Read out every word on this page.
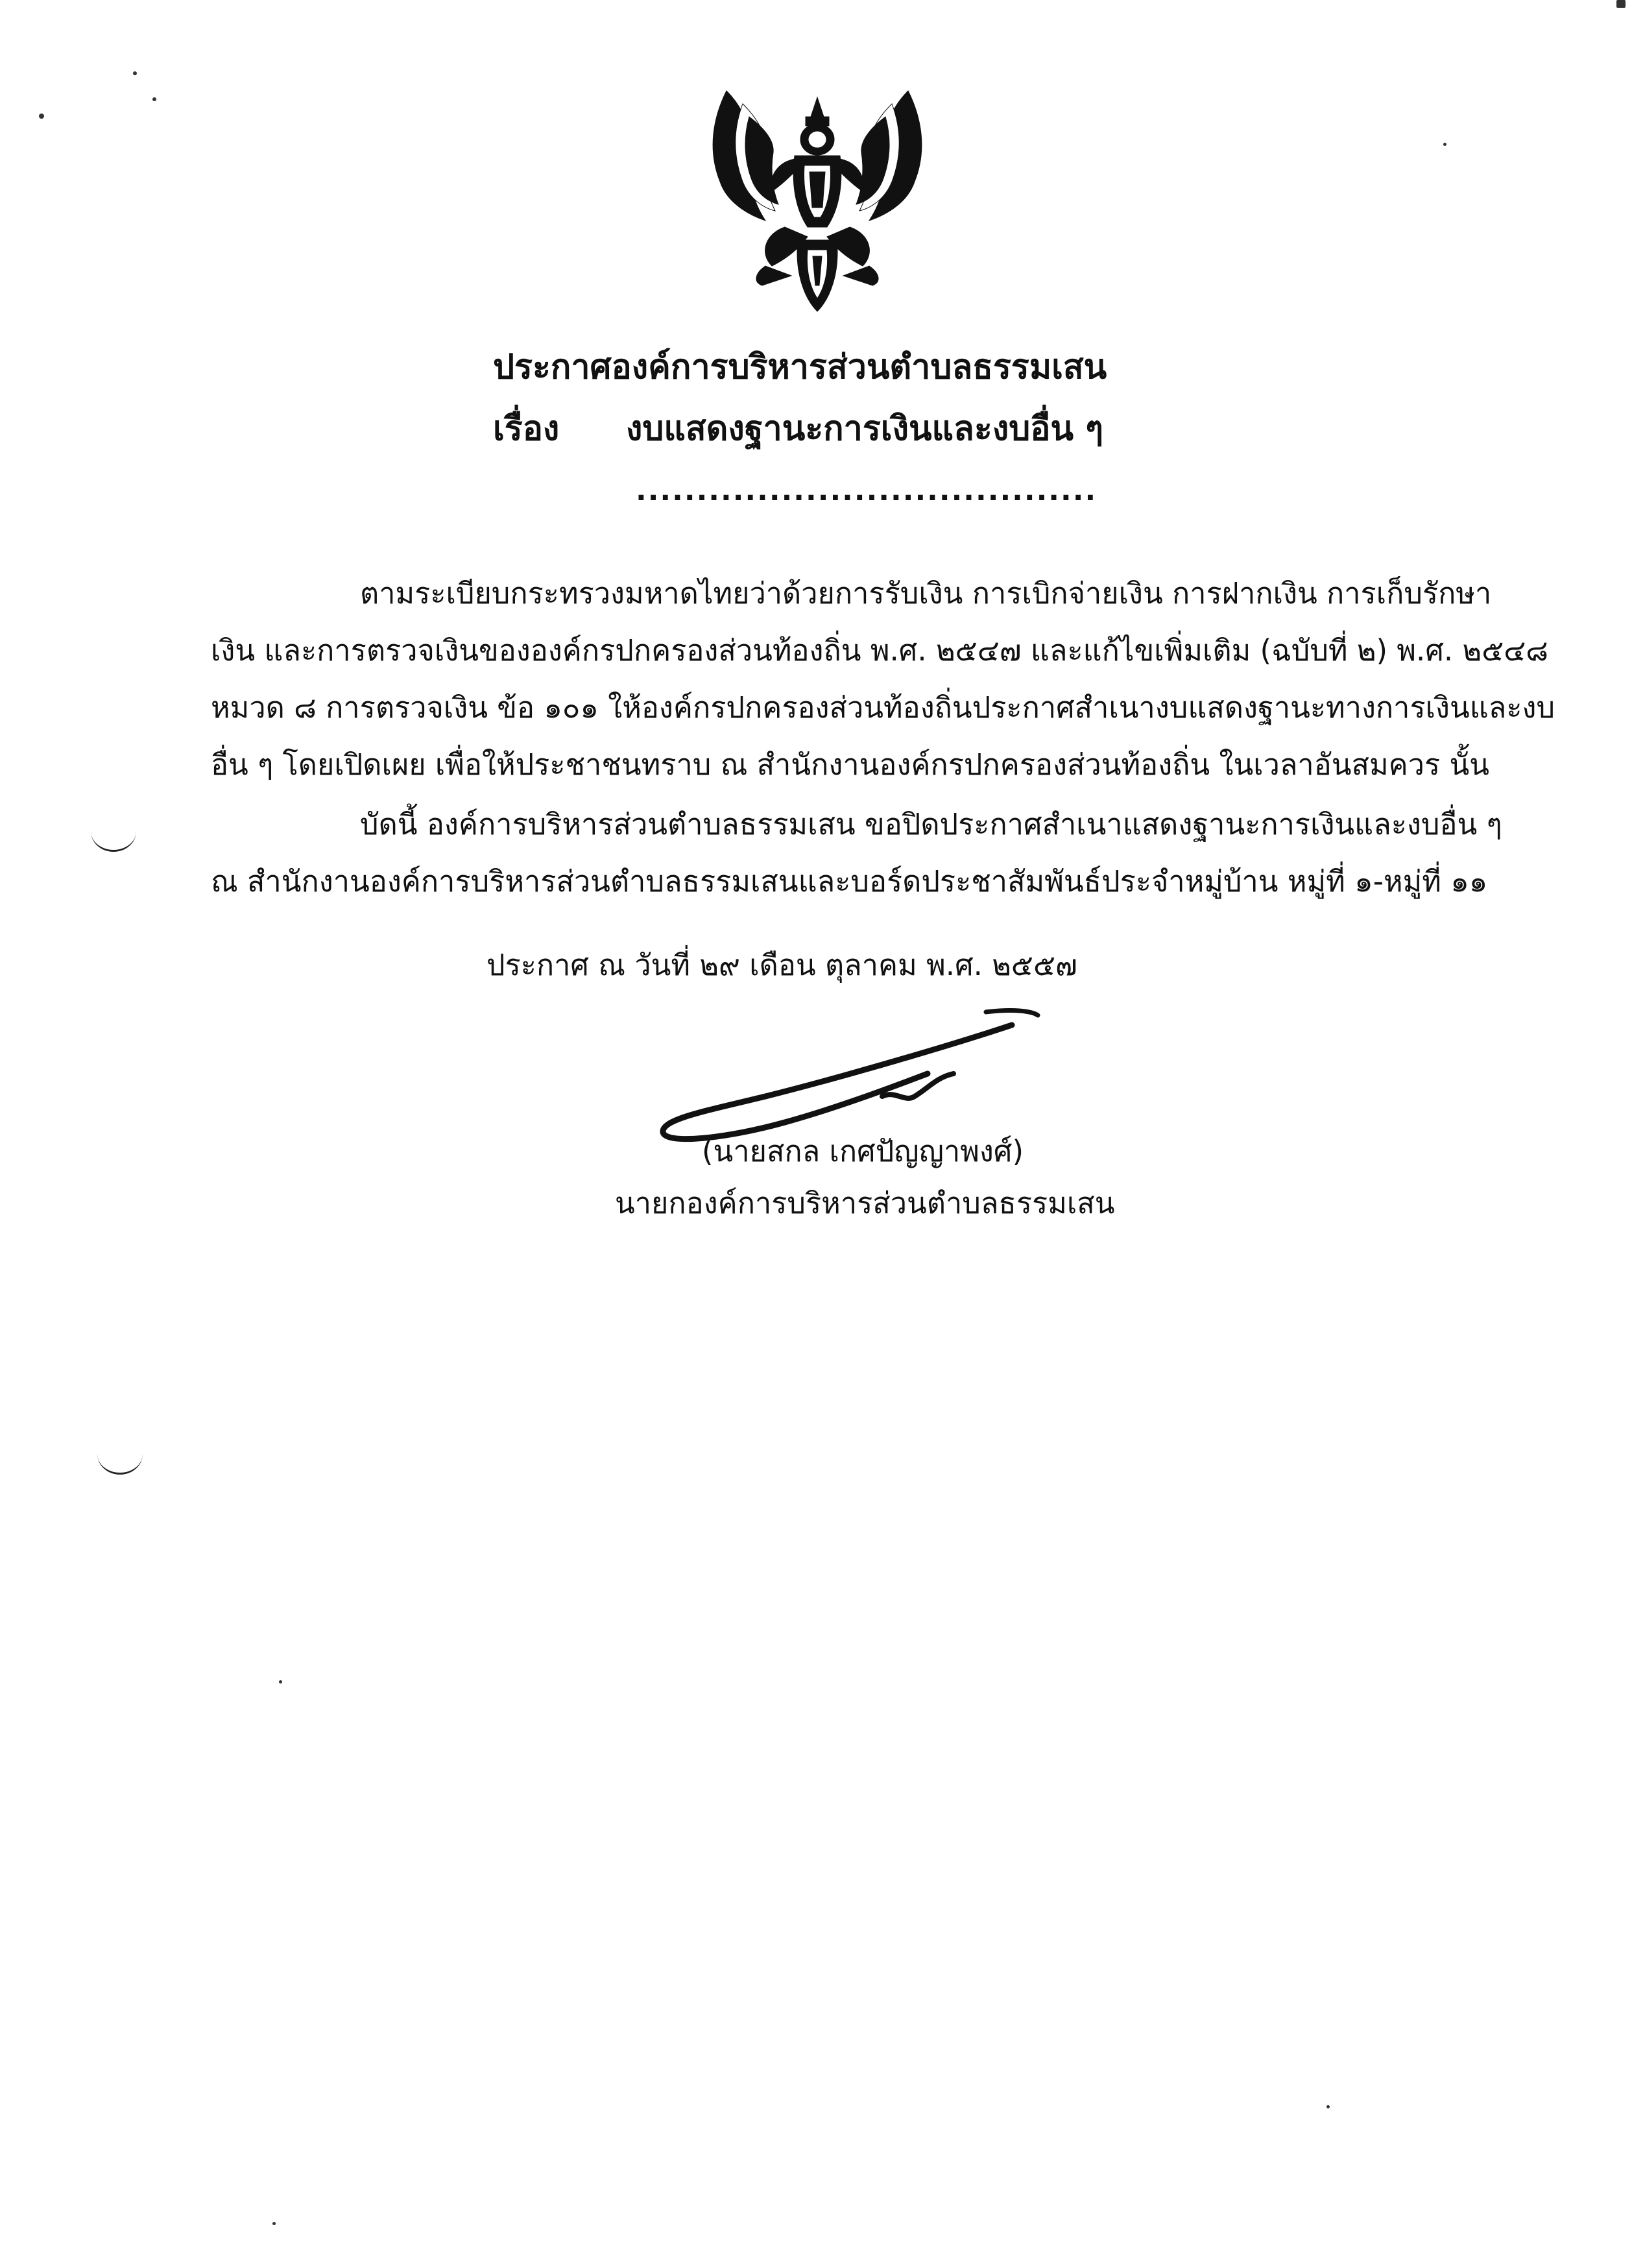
ประกาศองค์การบริหารส่วนตำบลธรรมเสน
เรื่อง งบแสดงฐานะการเงินและงบอื่น ๆ
......................................
ตามระเบียบกระทรวงมหาดไทยว่าด้วยการรับเงิน การเบิกจ่ายเงิน การฝากเงิน การเก็บรักษา
เงิน และการตรวจเงินขององค์กรปกครองส่วนท้องถิ่น พ.ศ. ๒๕๔๗ และแก้ไขเพิ่มเติม (ฉบับที่ ๒) พ.ศ. ๒๕๔๘
หมวด ๘ การตรวจเงิน ข้อ ๑๐๑ ให้องค์กรปกครองส่วนท้องถิ่นประกาศสำเนางบแสดงฐานะทางการเงินและงบ
อื่น ๆ โดยเปิดเผย เพื่อให้ประชาชนทราบ ณ สำนักงานองค์กรปกครองส่วนท้องถิ่น ในเวลาอันสมควร นั้น
บัดนี้ องค์การบริหารส่วนตำบลธรรมเสน ขอปิดประกาศสำเนาแสดงฐานะการเงินและงบอื่น ๆ
ณ สำนักงานองค์การบริหารส่วนตำบลธรรมเสนและบอร์ดประชาสัมพันธ์ประจำหมู่บ้าน หมู่ที่ ๑-หมู่ที่ ๑๑
ประกาศ ณ วันที่ ๒๙ เดือน ตุลาคม พ.ศ. ๒๕๕๗
(นายสกล เกศปัญญาพงศ์)
นายกองค์การบริหารส่วนตำบลธรรมเสน
